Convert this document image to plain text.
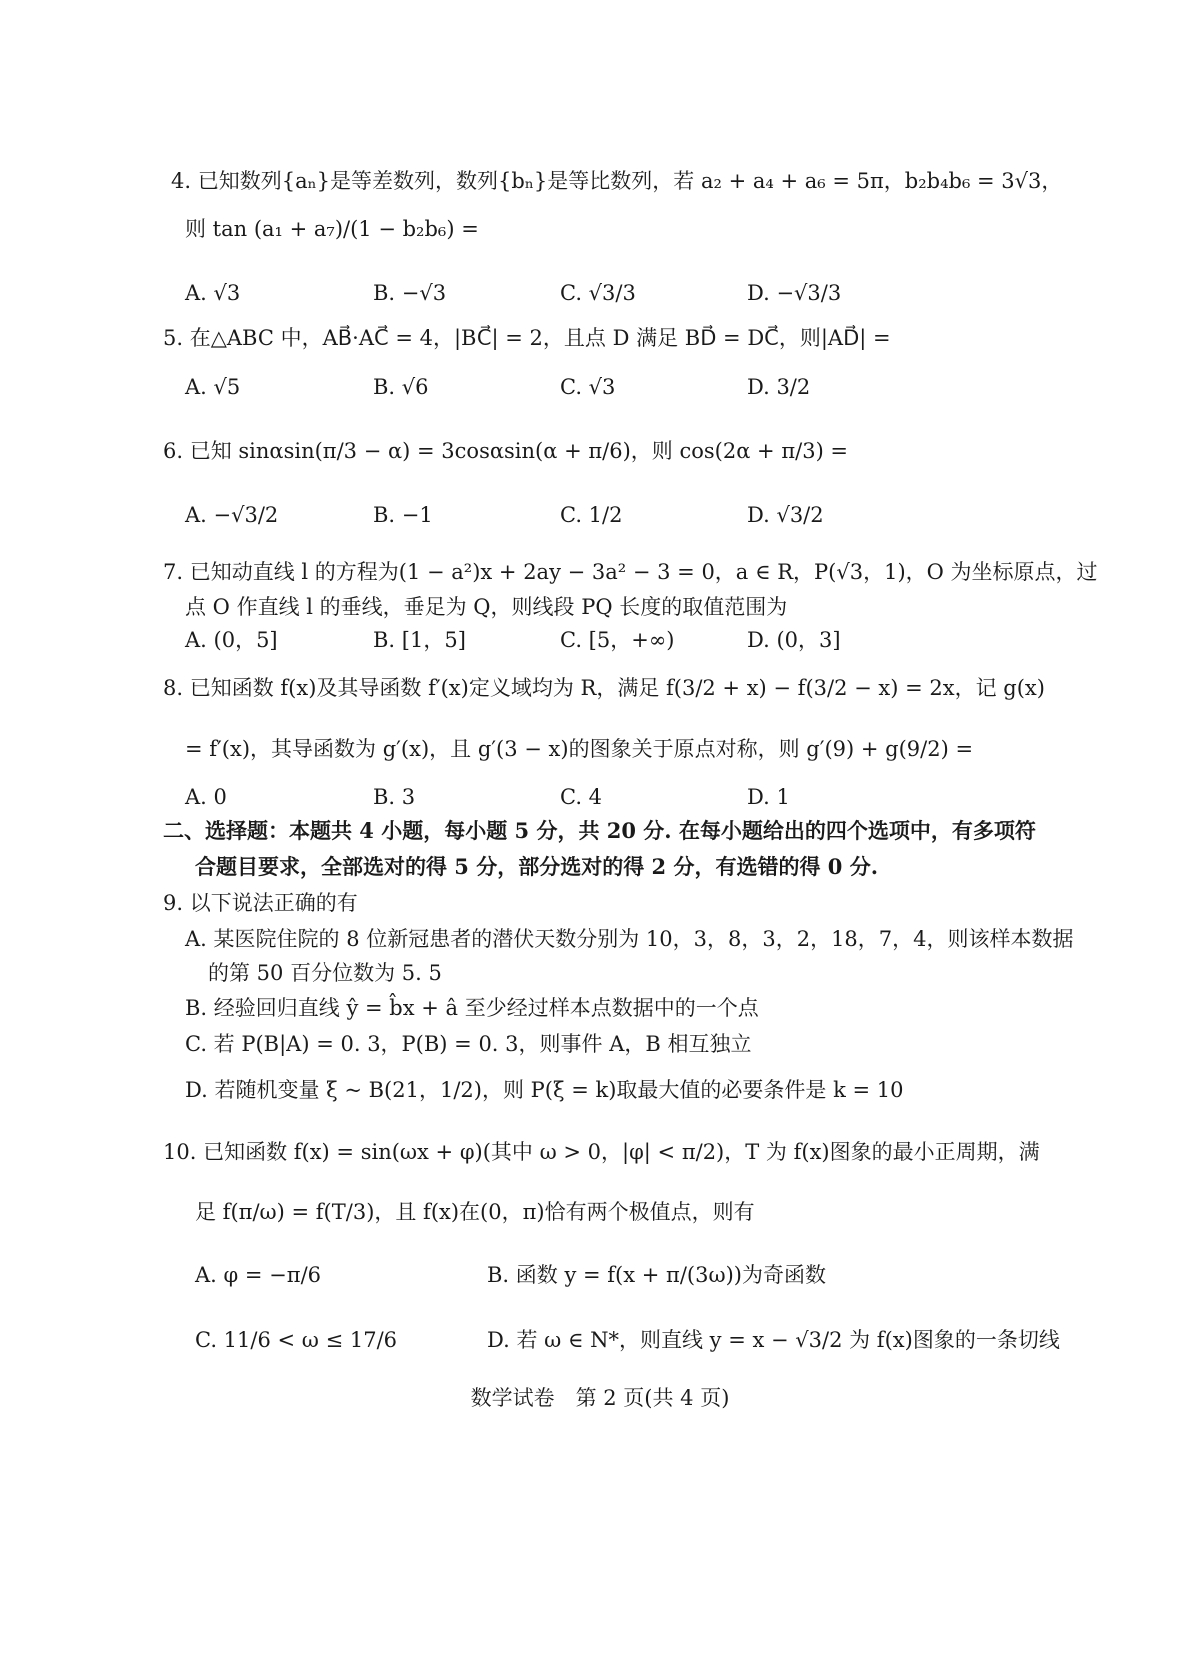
4. 已知数列{aₙ}是等差数列，数列{bₙ}是等比数列，若 a₂ + a₄ + a₆ = 5π，b₂b₄b₆ = 3√3，
则 tan (a₁ + a₇)/(1 − b₂b₆) =
A. √3	B. −√3	C. √3/3	D. −√3/3
5. 在△ABC 中，AB⃗·AC⃗ = 4，|BC⃗| = 2，且点 D 满足 BD⃗ = DC⃗，则|AD⃗| =
A. √5	B. √6	C. √3	D. 3/2
6. 已知 sinαsin(π/3 − α) = 3cosαsin(α + π/6)，则 cos(2α + π/3) =
A. −√3/2	B. −1	C. 1/2	D. √3/2
7. 已知动直线 l 的方程为(1 − a²)x + 2ay − 3a² − 3 = 0，a ∈ R，P(√3，1)，O 为坐标原点，过
点 O 作直线 l 的垂线，垂足为 Q，则线段 PQ 长度的取值范围为
A. (0，5]	B. [1，5]	C. [5，+∞)	D. (0，3]
8. 已知函数 f(x)及其导函数 f′(x)定义域均为 R，满足 f(3/2 + x) − f(3/2 − x) = 2x，记 g(x)
= f′(x)，其导函数为 g′(x)，且 g′(3 − x)的图象关于原点对称，则 g′(9) + g(9/2) =
A. 0	B. 3	C. 4	D. 1
二、选择题：本题共 4 小题，每小题 5 分，共 20 分. 在每小题给出的四个选项中，有多项符
合题目要求，全部选对的得 5 分，部分选对的得 2 分，有选错的得 0 分.
9. 以下说法正确的有
A. 某医院住院的 8 位新冠患者的潜伏天数分别为 10，3，8，3，2，18，7，4，则该样本数据
的第 50 百分位数为 5. 5
B. 经验回归直线 ŷ = b̂x + â 至少经过样本点数据中的一个点
C. 若 P(B|A) = 0. 3，P(B) = 0. 3，则事件 A，B 相互独立
D. 若随机变量 ξ ~ B(21，1/2)，则 P(ξ = k)取最大值的必要条件是 k = 10
10. 已知函数 f(x) = sin(ωx + φ)(其中 ω > 0，|φ| < π/2)，T 为 f(x)图象的最小正周期，满
足 f(π/ω) = f(T/3)，且 f(x)在(0，π)恰有两个极值点，则有
A. φ = −π/6	B. 函数 y = f(x + π/(3ω))为奇函数
C. 11/6 < ω ≤ 17/6	D. 若 ω ∈ N*，则直线 y = x − √3/2 为 f(x)图象的一条切线
数学试卷　第 2 页(共 4 页)
